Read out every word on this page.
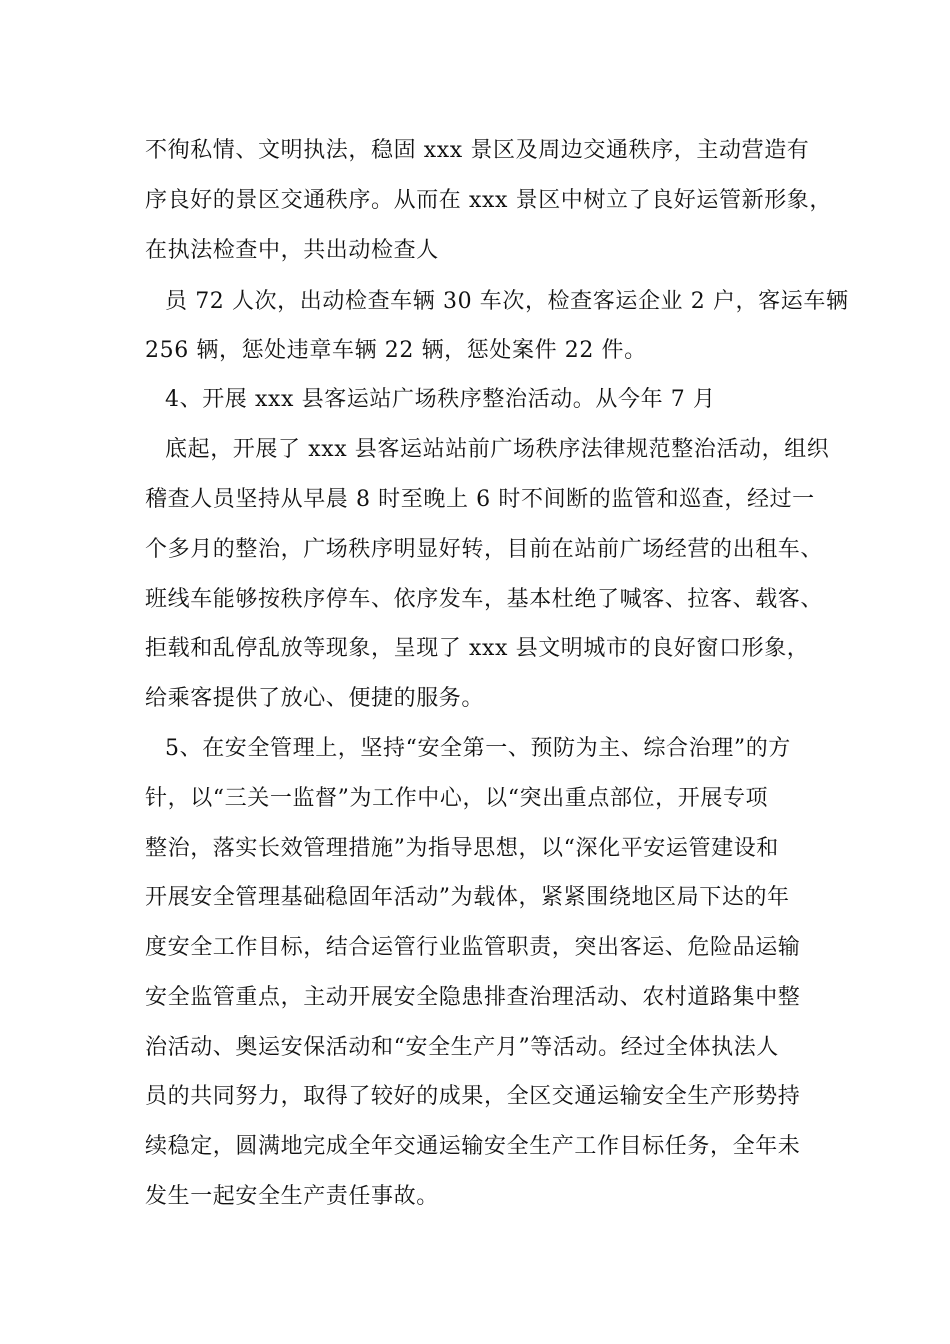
不徇私情、文明执法，稳固 xxx 景区及周边交通秩序，主动营造有
序良好的景区交通秩序。从而在 xxx 景区中树立了良好运管新形象，
在执法检查中，共出动检查人
员 72 人次，出动检查车辆 30 车次，检查客运企业 2 户，客运车辆
256 辆，惩处违章车辆 22 辆，惩处案件 22 件。
4、开展 xxx 县客运站广场秩序整治活动。从今年 7 月
底起，开展了 xxx 县客运站站前广场秩序法律规范整治活动，组织
稽查人员坚持从早晨 8 时至晚上 6 时不间断的监管和巡查，经过一
个多月的整治，广场秩序明显好转，目前在站前广场经营的出租车、
班线车能够按秩序停车、依序发车，基本杜绝了喊客、拉客、载客、
拒载和乱停乱放等现象，呈现了 xxx 县文明城市的良好窗口形象，
给乘客提供了放心、便捷的服务。
5、在安全管理上，坚持“安全第一、预防为主、综合治理”的方
针，以“三关一监督”为工作中心，以“突出重点部位，开展专项
整治，落实长效管理措施”为指导思想，以“深化平安运管建设和
开展安全管理基础稳固年活动”为载体，紧紧围绕地区局下达的年
度安全工作目标，结合运管行业监管职责，突出客运、危险品运输
安全监管重点，主动开展安全隐患排查治理活动、农村道路集中整
治活动、奥运安保活动和“安全生产月”等活动。经过全体执法人
员的共同努力，取得了较好的成果，全区交通运输安全生产形势持
续稳定，圆满地完成全年交通运输安全生产工作目标任务，全年未
发生一起安全生产责任事故。
